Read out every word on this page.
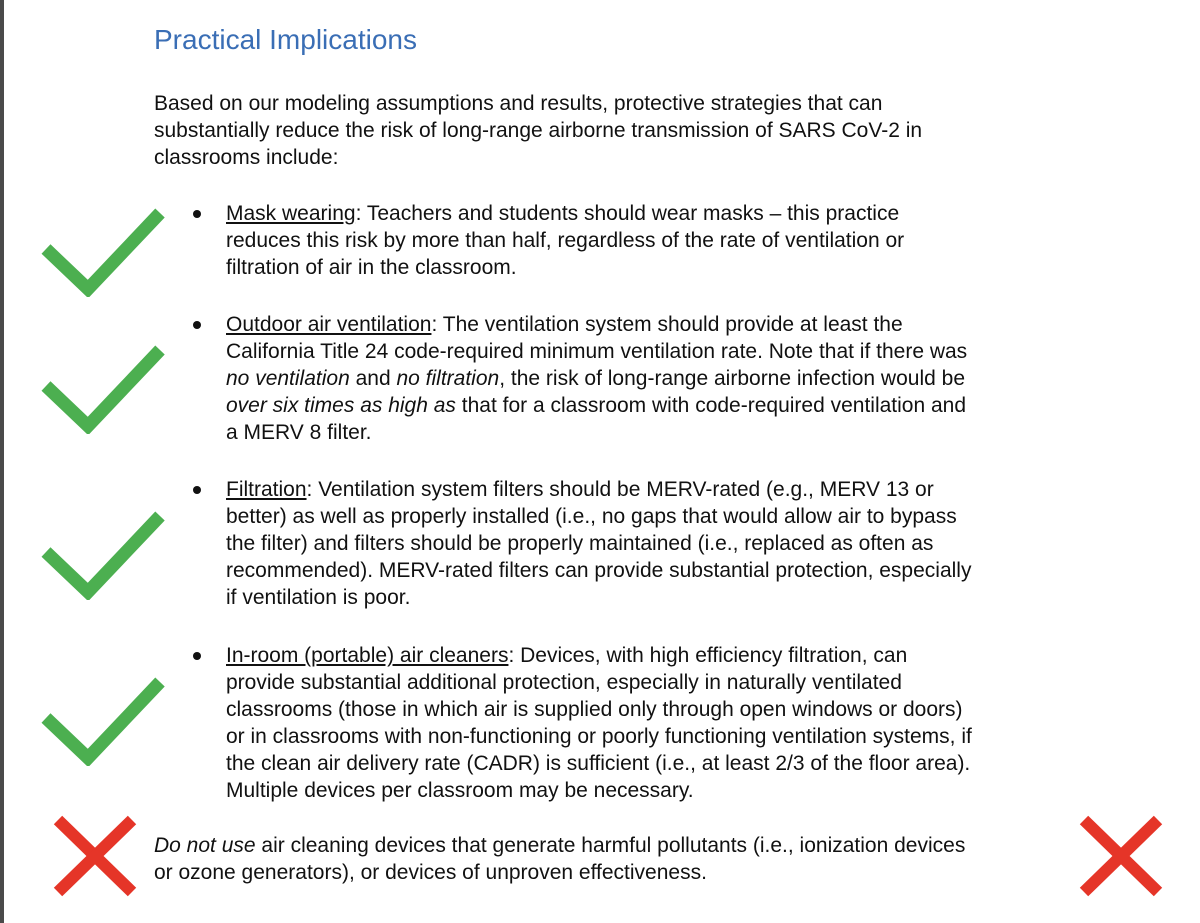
Practical Implications
Based on our modeling assumptions and results, protective strategies that can
substantially reduce the risk of long-range airborne transmission of SARS CoV-2 in
classrooms include:
Mask wearing: Teachers and students should wear masks – this practice
reduces this risk by more than half, regardless of the rate of ventilation or
filtration of air in the classroom.
Outdoor air ventilation: The ventilation system should provide at least the
California Title 24 code-required minimum ventilation rate. Note that if there was
no ventilation and no filtration, the risk of long-range airborne infection would be
over six times as high as that for a classroom with code-required ventilation and
a MERV 8 filter.
Filtration: Ventilation system filters should be MERV-rated (e.g., MERV 13 or
better) as well as properly installed (i.e., no gaps that would allow air to bypass
the filter) and filters should be properly maintained (i.e., replaced as often as
recommended). MERV-rated filters can provide substantial protection, especially
if ventilation is poor.
In-room (portable) air cleaners: Devices, with high efficiency filtration, can
provide substantial additional protection, especially in naturally ventilated
classrooms (those in which air is supplied only through open windows or doors)
or in classrooms with non-functioning or poorly functioning ventilation systems, if
the clean air delivery rate (CADR) is sufficient (i.e., at least 2/3 of the floor area).
Multiple devices per classroom may be necessary.
Do not use air cleaning devices that generate harmful pollutants (i.e., ionization devices
or ozone generators), or devices of unproven effectiveness.
